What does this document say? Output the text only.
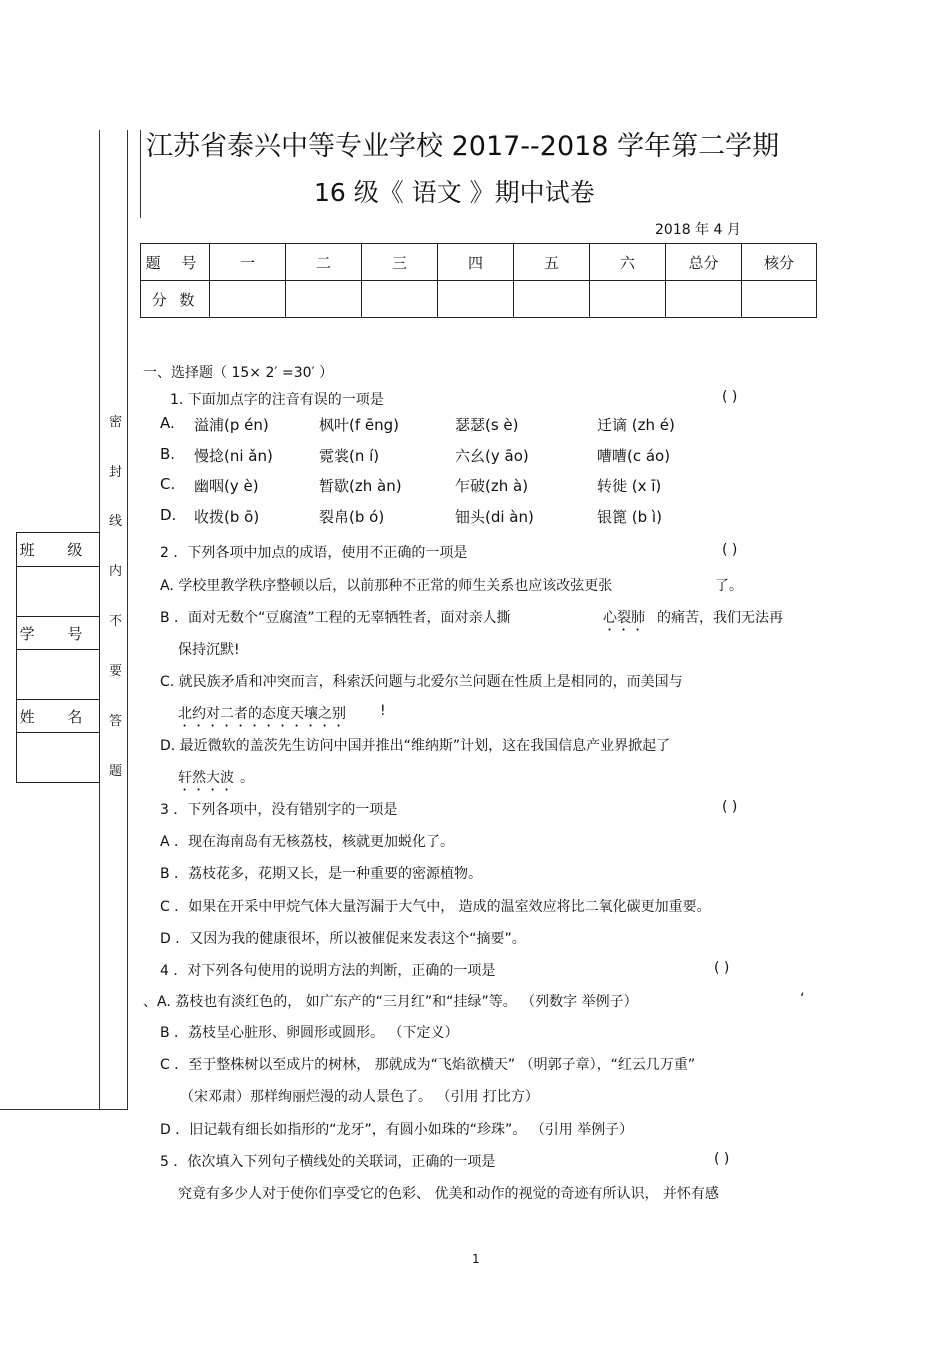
江苏省泰兴中等专业学校 2017--2018 学年第二学期
16 级《 语文 》期中试卷
2018 年 4 月
题 号	一	二	三	四	五	六	总分	核分
分 数								
班 级

学 号

姓 名

密
封
线
内
不
要
答
题
一、选择题（ 15× 2′ =30′ ）
1. 下面加点字的注音有误的一项是	( )
A. 溢浦(p én)	枫叶(f ēng)	瑟瑟(s è)	迁谪 (zh é)
B. 慢捻(ni ǎn)	霓裳(n í)	六幺(y āo)	嘈嘈(c áo)
C. 幽咽(y è)	暂歇(zh àn)	乍破(zh à)	转徙 (x ī)
D. 收拨(b ō)	裂帛(b ó)	钿头(di àn)	银篦 (b ì)
2 ．下列各项中加点的成语，使用不正确的一项是	( )
A. 学校里教学秩序整顿以后，以前那种不正常的师生关系也应该改弦更张	了。
B ．面对无数个“豆腐渣”工程的无辜牺牲者，面对亲人撕	心裂肺 的痛苦，我们无法再
保持沉默!
C. 就民族矛盾和冲突而言，科索沃问题与北爱尔兰问题在性质上是相同的，而美国与
北约对二者的态度天壤之别 !
D. 最近微软的盖茨先生访问中国并推出“维纳斯”计划，这在我国信息产业界掀起了
轩然大波 。
3 ．下列各项中，没有错别字的一项是	( )
A ．现在海南岛有无核荔枝，核就更加蜕化了。
B ．荔枝花多，花期又长，是一种重要的密源植物。
C ．如果在开采中甲烷气体大量泻漏于大气中， 造成的温室效应将比二氧化碳更加重要。
D ．又因为我的健康很坏，所以被催促来发表这个“摘要”。
4 ．对下列各句使用的说明方法的判断，正确的一项是	( )
、A. 荔枝也有淡红色的， 如广东产的“三月红”和“挂绿”等。 （列数字 举例子）	‘
B ．荔枝呈心脏形、卵圆形或圆形。 （下定义）
C ．至于整株树以至成片的树林， 那就成为“飞焰欲横天” （明郭子章），“红云几万重”
（宋邓肃）那样绚丽烂漫的动人景色了。 （引用 打比方）
D ．旧记载有细长如指形的“龙牙”，有圆小如珠的“珍珠”。 （引用 举例子）
5 ．依次填入下列句子横线处的关联词，正确的一项是	( )
究竟有多少人对于使你们享受它的色彩、 优美和动作的视觉的奇迹有所认识， 并怀有感
1
